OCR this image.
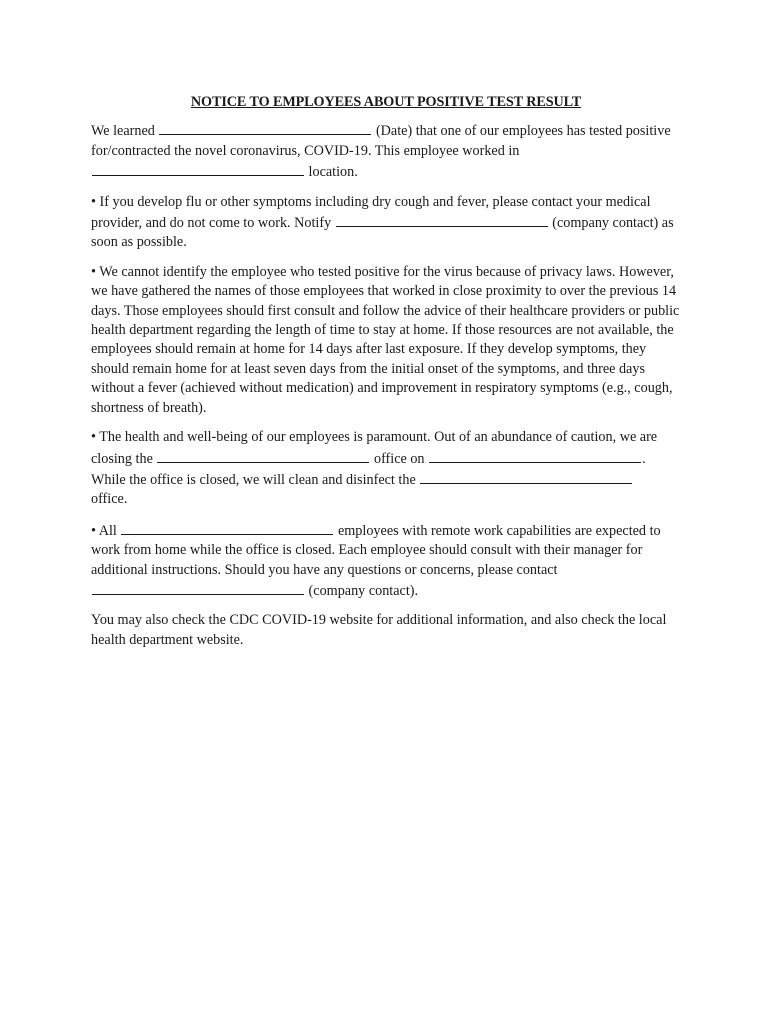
NOTICE TO EMPLOYEES ABOUT POSITIVE TEST RESULT

We learned	(Date) that one of our employees has tested positive for/contracted the novel coronavirus, COVID-19. This employee worked in
location.

• If you develop flu or other symptoms including dry cough and fever, please contact your medical provider, and do not come to work. Notify	(company contact) as soon as possible.

• We cannot identify the employee who tested positive for the virus because of privacy laws. However, we have gathered the names of those employees that worked in close proximity to over the previous 14 days. Those employees should first consult and follow the advice of their healthcare providers or public health department regarding the length of time to stay at home. If those resources are not available, the employees should remain at home for 14 days after last exposure. If they develop symptoms, they should remain home for at least seven days from the initial onset of the symptoms, and three days without a fever (achieved without medication) and improvement in respiratory symptoms (e.g., cough, shortness of breath).

• The health and well-being of our employees is paramount. Out of an abundance of caution, we are closing the	office on	. While the office is closed, we will clean and disinfect the
office.

• All	employees with remote work capabilities are expected to work from home while the office is closed. Each employee should consult with their manager for additional instructions. Should you have any questions or concerns, please contact
(company contact).

You may also check the CDC COVID-19 website for additional information, and also check the local health department website.
